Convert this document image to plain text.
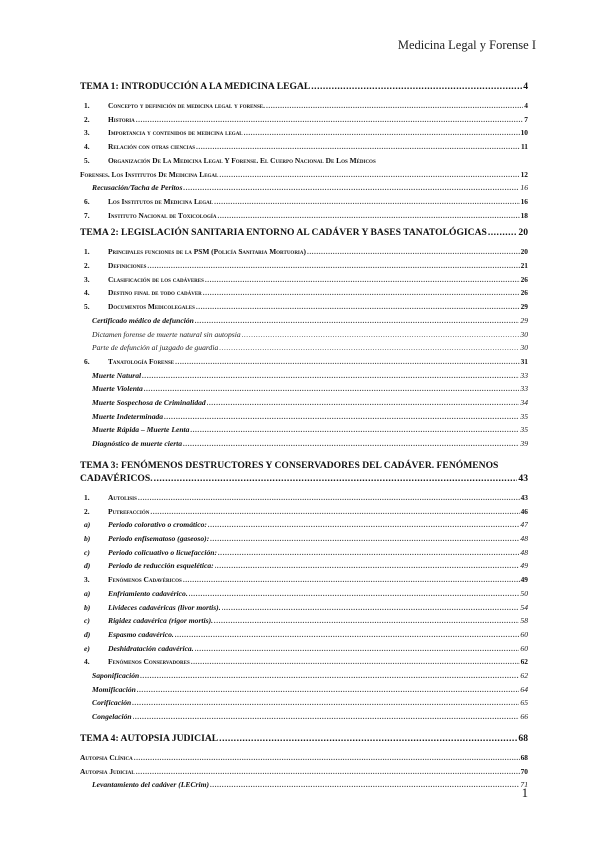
Medicina Legal y Forense I
TEMA 1: INTRODUCCIÓN A LA MEDICINA LEGAL .....	4
1.	Concepto y definición de medicina legal y forense. .....	4
2.	Historia .....	7
3.	Importancia y contenidos de medicina legal .....	10
4.	Relación con otras ciencias .....	11
5. Organización De La Medicina Legal Y Forense. El Cuerpo Nacional De Los Médicos
Forenses. Los Institutos De Medicina Legal .....	12
Recusación/Tacha de Peritos .....	16
6.	Los Institutos de Medicina Legal .....	16
7.	Instituto Nacional de Toxicología .....	18
TEMA 2: LEGISLACIÓN SANITARIA ENTORNO AL CADÁVER Y BASES TANATOLÓGICAS .....	20
1.	Principales funciones de la PSM (Policía Sanitaria Mortuoria) .....	20
2.	Definiciones .....	21
3.	Clasificación de los cadáveres .....	26
4.	Destino final de todo cadáver .....	26
5.	Documentos Medicolegales .....	29
Certificado médico de defunción .....	29
Dictamen forense de muerte natural sin autopsia .....	30
Parte de defunción al juzgado de guardia .....	30
6.	Tanatología Forense .....	31
Muerte Natural .....	33
Muerte Violenta .....	33
Muerte Sospechosa de Criminalidad .....	34
Muerte Indeterminada .....	35
Muerte Rápida – Muerte Lenta .....	35
Diagnóstico de muerte cierta .....	39
TEMA 3: FENÓMENOS DESTRUCTORES Y CONSERVADORES DEL CADÁVER. FENÓMENOS
CADAVÉRICOS. .....	43
1.	Autolisis .....	43
2.	Putrefacción .....	46
a)	Periodo colorativo o cromático: .....	47
b)	Periodo enfisematoso (gaseoso): .....	48
c)	Periodo colicuativo o licuefacción: .....	48
d)	Periodo de reducción esquelética: .....	49
3.	Fenómenos Cadavéricos .....	49
a)	Enfriamiento cadavérico. .....	50
b)	Livideces cadavéricas (livor mortis). .....	54
c)	Rigidez cadavérica (rigor mortis). .....	58
d)	Espasmo cadavérico. .....	60
e)	Deshidratación cadavérica. .....	60
4.	Fenómenos Conservadores .....	62
Saponificación .....	62
Momificación .....	64
Corificación .....	65
Congelación .....	66
TEMA 4: AUTOPSIA JUDICIAL .....	68
Autopsia Clínica .....	68
Autopsia Judicial .....	70
Levantamiento del cadáver (LECrim) .....	71
1
